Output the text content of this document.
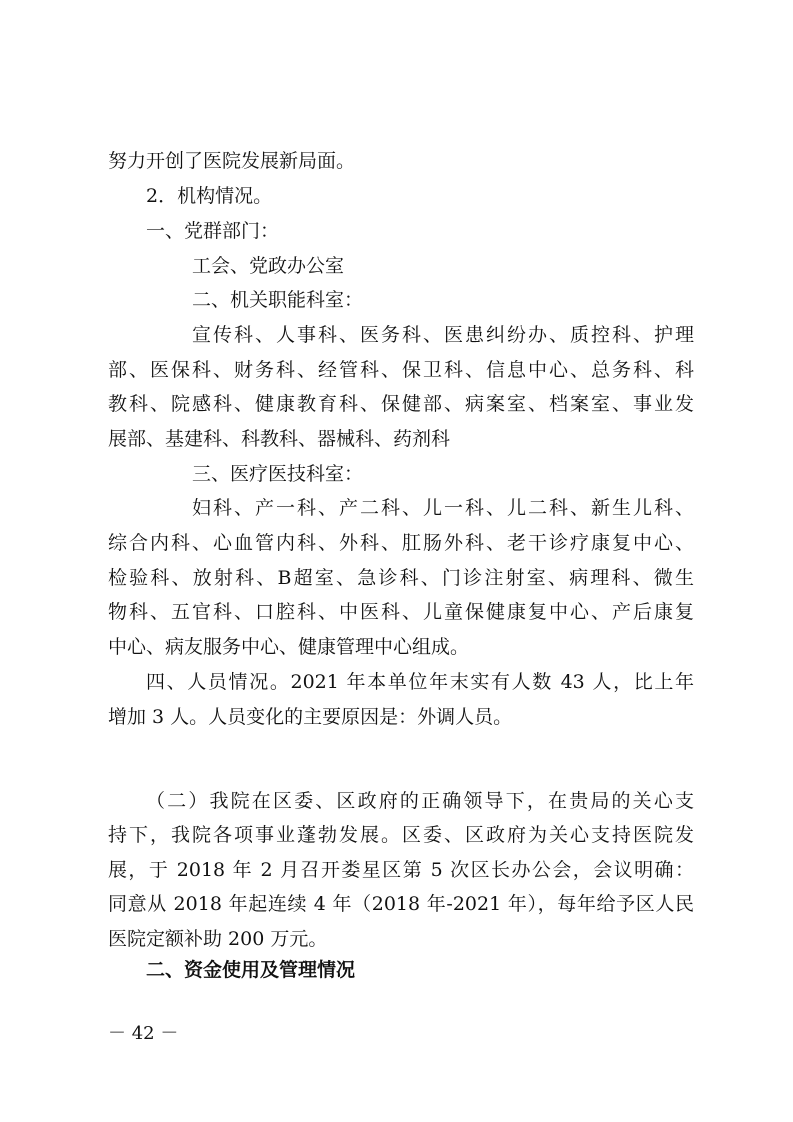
努力开创了医院发展新局面。
2．机构情况。
一、党群部门：
工会、党政办公室
二、机关职能科室：
宣传科、人事科、医务科、医患纠纷办、质控科、护理
部、医保科、财务科、经管科、保卫科、信息中心、总务科、科
教科、院感科、健康教育科、保健部、病案室、档案室、事业发
展部、基建科、科教科、器械科、药剂科
三、医疗医技科室：
妇科、产一科、产二科、儿一科、儿二科、新生儿科、
综合内科、心血管内科、外科、肛肠外科、老干诊疗康复中心、
检验科、放射科、B超室、急诊科、门诊注射室、病理科、微生
物科、五官科、口腔科、中医科、儿童保健康复中心、产后康复
中心、病友服务中心、健康管理中心组成。
四、人员情况。2021 年本单位年末实有人数 43 人，比上年
增加 3 人。人员变化的主要原因是：外调人员。
（二）我院在区委、区政府的正确领导下，在贵局的关心支
持下，我院各项事业蓬勃发展。区委、区政府为关心支持医院发
展，于 2018 年 2 月召开娄星区第 5 次区长办公会，会议明确：
同意从 2018 年起连续 4 年（2018 年-2021 年），每年给予区人民
医院定额补助 200 万元。
二、资金使用及管理情况
－ 42 －
